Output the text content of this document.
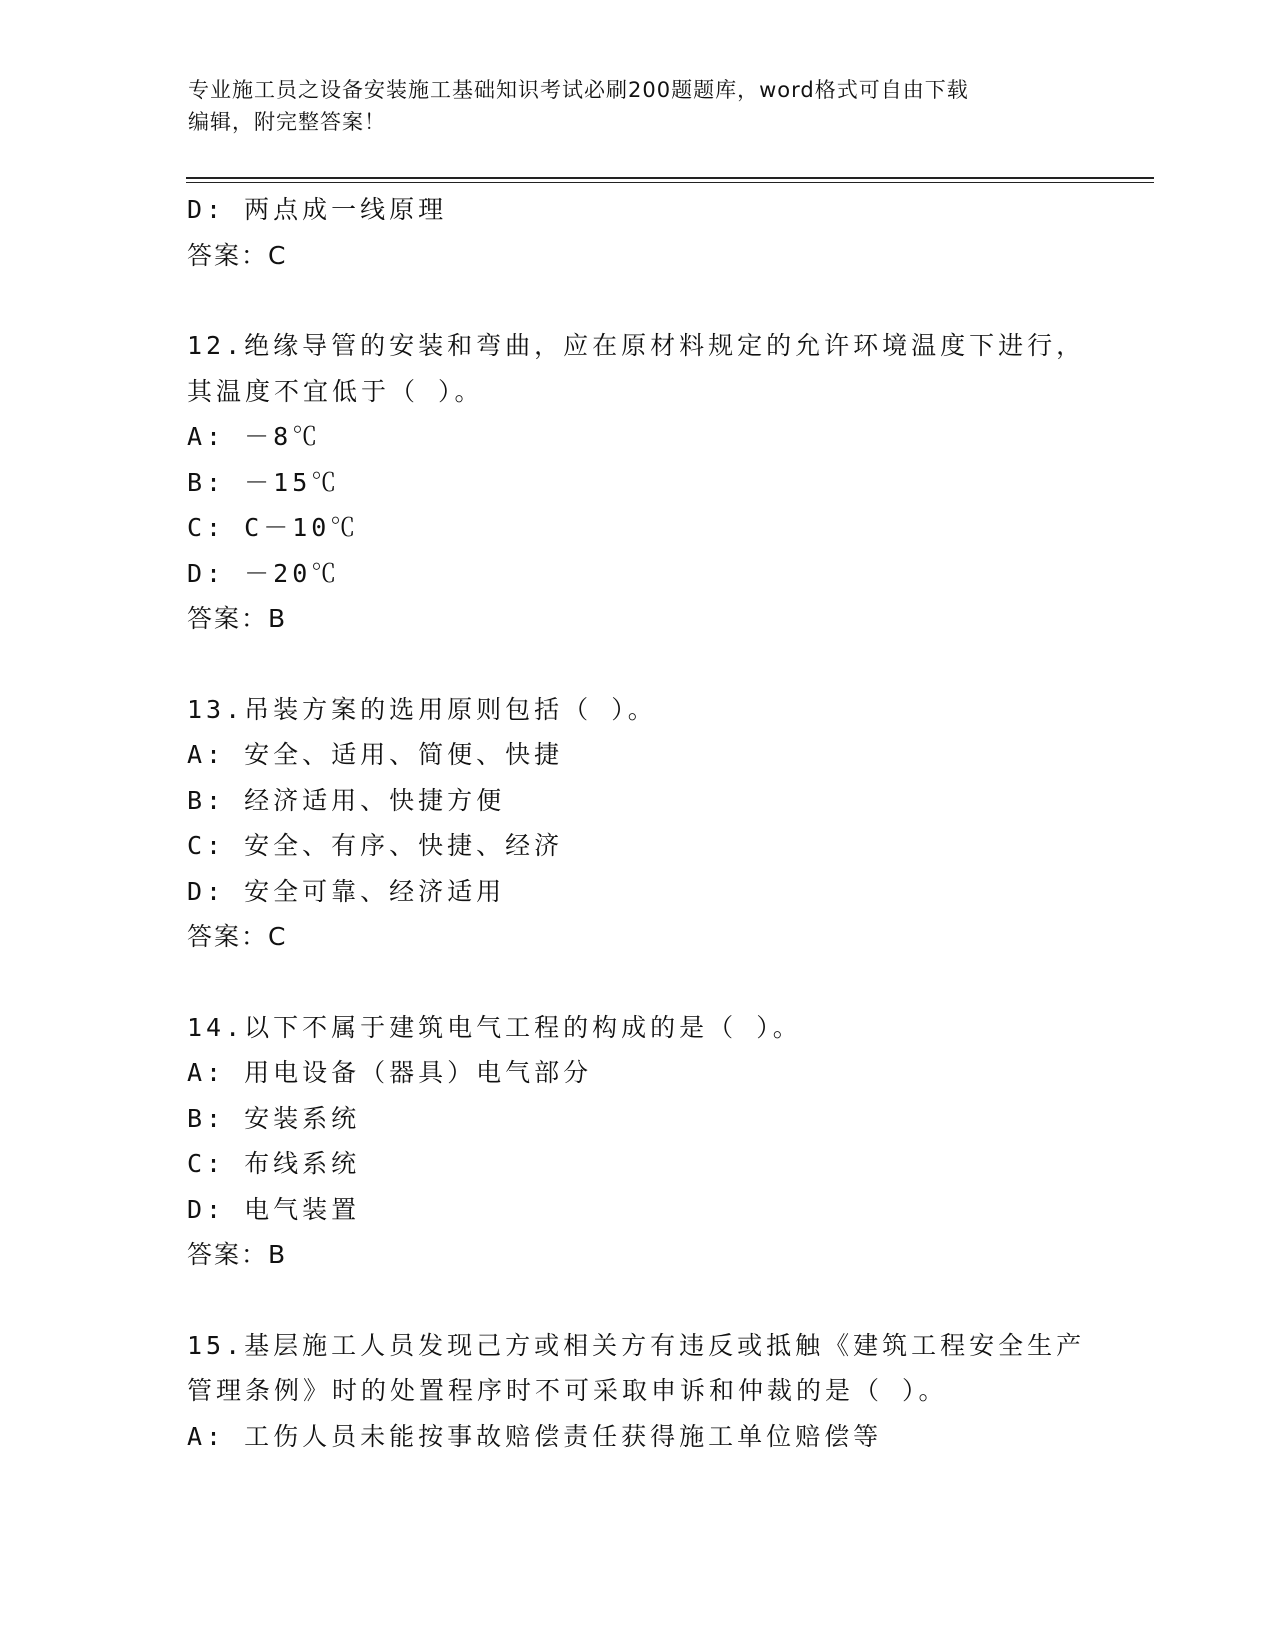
专业施工员之设备安装施工基础知识考试必刷200题题库，word格式可自由下载
编辑，附完整答案！
D: 两点成一线原理
答案：C
12.绝缘导管的安装和弯曲，应在原材料规定的允许环境温度下进行，
其温度不宜低于（ ）。
A: －8℃
B: －15℃
C: C－10℃
D: －20℃
答案：B
13.吊装方案的选用原则包括（ ）。
A: 安全、适用、简便、快捷
B: 经济适用、快捷方便
C: 安全、有序、快捷、经济
D: 安全可靠、经济适用
答案：C
14.以下不属于建筑电气工程的构成的是（ ）。
A: 用电设备（器具）电气部分
B: 安装系统
C: 布线系统
D: 电气装置
答案：B
15.基层施工人员发现己方或相关方有违反或抵触《建筑工程安全生产
管理条例》时的处置程序时不可采取申诉和仲裁的是（ ）。
A: 工伤人员未能按事故赔偿责任获得施工单位赔偿等
